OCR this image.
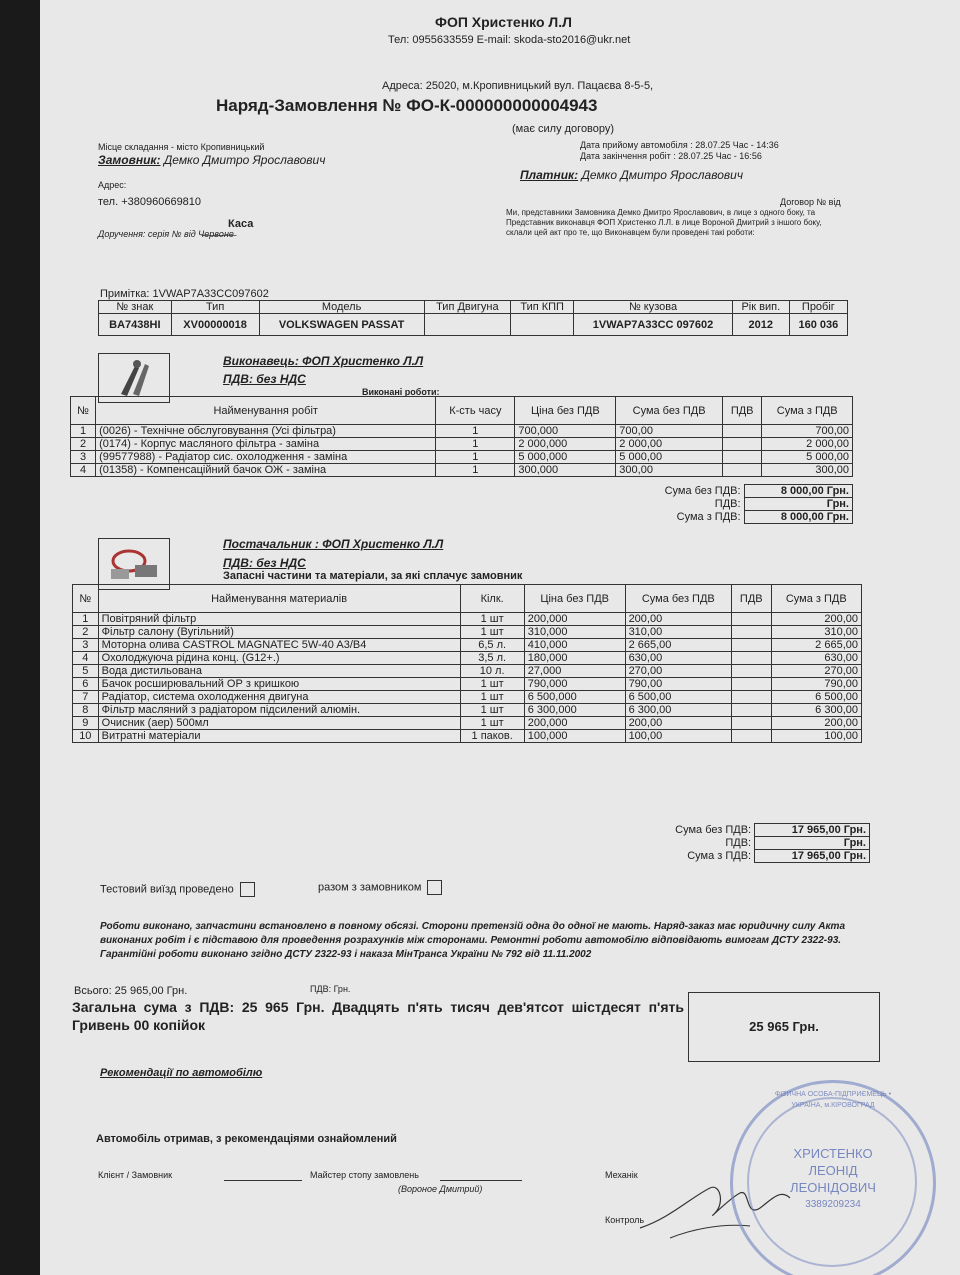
ФОП Христенко Л.Л
Тел: 0955633559 E-mail: skoda-sto2016@ukr.net
Адреса: 25020, м.Кропивницький вул. Пацаєва 8-5-5,
Наряд-Замовлення № ФО-К-000000000004943
(має силу договору)
Місце складання - місто Кропивницький
Замовник: Демко Дмитро Ярославович
Дата прийому автомобіля : 28.07.25 Час - 14:36
Дата закінчення робіт : 28.07.25 Час - 16:56
Адрес:
Платник: Демко Дмитро Ярославович
тел. +380960669810	Договор № від
Каса
Доручення: серія № від Ч̶е̶р̶в̶о̶н̶е̶
Ми, представники Замовника Демко Дмитро Ярославович, в лице з одного боку, та Представник виконавця ФОП Христенко Л.Л. в лице Вороной Дмитрий з іншого боку, склали цей акт про те, що Виконавцем були проведені такі роботи:
Примітка: 1VWAP7A33CC097602
№ знак	Тип	Модель	Тип Двигуна	Тип КПП	№ кузова	Рік вип.	Пробіг
BA7438HI	XV00000018	VOLKSWAGEN PASSAT			1VWAP7A33CC 097602	2012	160 036
Виконавець: ФОП Христенко Л.Л
ПДВ: без НДС
Виконані роботи:
№	Найменування робіт	К-сть часу	Ціна без ПДВ	Сума без ПДВ	ПДВ	Сума з ПДВ
1	(0026) - Технічне обслуговування (Усі фільтра)	1	700,000	700,00		700,00
2	(0174) - Корпус масляного фільтра - заміна	1	2 000,000	2 000,00		2 000,00
3	(99577988) - Радіатор сис. охолодження - заміна	1	5 000,000	5 000,00		5 000,00
4	(01358) - Компенсаційний бачок ОЖ - заміна	1	300,000	300,00		300,00
Сума без ПДВ:	8 000,00 Грн.
ПДВ:	Грн.
Сума з ПДВ:	8 000,00 Грн.
Постачальник : ФОП Христенко Л.Л
ПДВ: без НДС
Запасні частини та матеріали, за які сплачує замовник
№	Найменування материалів	Кілк.	Ціна без ПДВ	Сума без ПДВ	ПДВ	Сума з ПДВ
1	Повітряний фільтр	1 шт	200,000	200,00		200,00
2	Фільтр салону (Вугільний)	1 шт	310,000	310,00		310,00
3	Моторна олива CASTROL MAGNATEC 5W-40 A3/B4	6,5 л.	410,000	2 665,00		2 665,00
4	Охолоджуюча рідина конц. (G12+.)	3,5 л.	180,000	630,00		630,00
5	Вода дистильована	10 л.	27,000	270,00		270,00
6	Бачок росширювальний ОР з кришкою	1 шт	790,000	790,00		790,00
7	Радіатор, система охолодження двигуна	1 шт	6 500,000	6 500,00		6 500,00
8	Фільтр масляний з радіатором підсилений алюмін.	1 шт	6 300,000	6 300,00		6 300,00
9	Очисник (аер) 500мл	1 шт	200,000	200,00		200,00
10	Витратні матеріали	1 паков.	100,000	100,00		100,00
Сума без ПДВ:	17 965,00 Грн.
ПДВ:	Грн.
Сума з ПДВ:	17 965,00 Грн.
Тестовий виїзд проведено	разом з замовником
Роботи виконано, запчастини встановлено в повному обсязі. Сторони претензій одна до одної не мають. Наряд-заказ має юридичну силу Акта виконаних робіт і є підставою для проведення розрахунків між сторонами. Ремонтні роботи автомобілю відповідають вимогам ДСТУ 2322-93. Гарантійні роботи виконано згідно ДСТУ 2322-93 і наказа МінТранса України № 792 від 11.11.2002
Всього: 25 965,00 Грн.	ПДВ: Грн.
Загальна сума з ПДВ: 25 965 Грн. Двадцять п'ять тисяч дев'ятсот шістдесят п'ять Гривень 00 копійок	25 965 Грн.
Рекомендації по автомобілю
Автомобіль отримав, з рекомендаціями ознайомлений
Клієнт / Замовник	Майстер стопу замовлень
(Вороное Дмитрий)
Механік
Контроль
ФІЗИЧНА ОСОБА-ПІДПРИЄМЕЦЬ • УКРАЇНА, м.КІРОВОГРАД
ХРИСТЕНКО
ЛЕОНІД
ЛЕОНІДОВИЧ
3389209234
